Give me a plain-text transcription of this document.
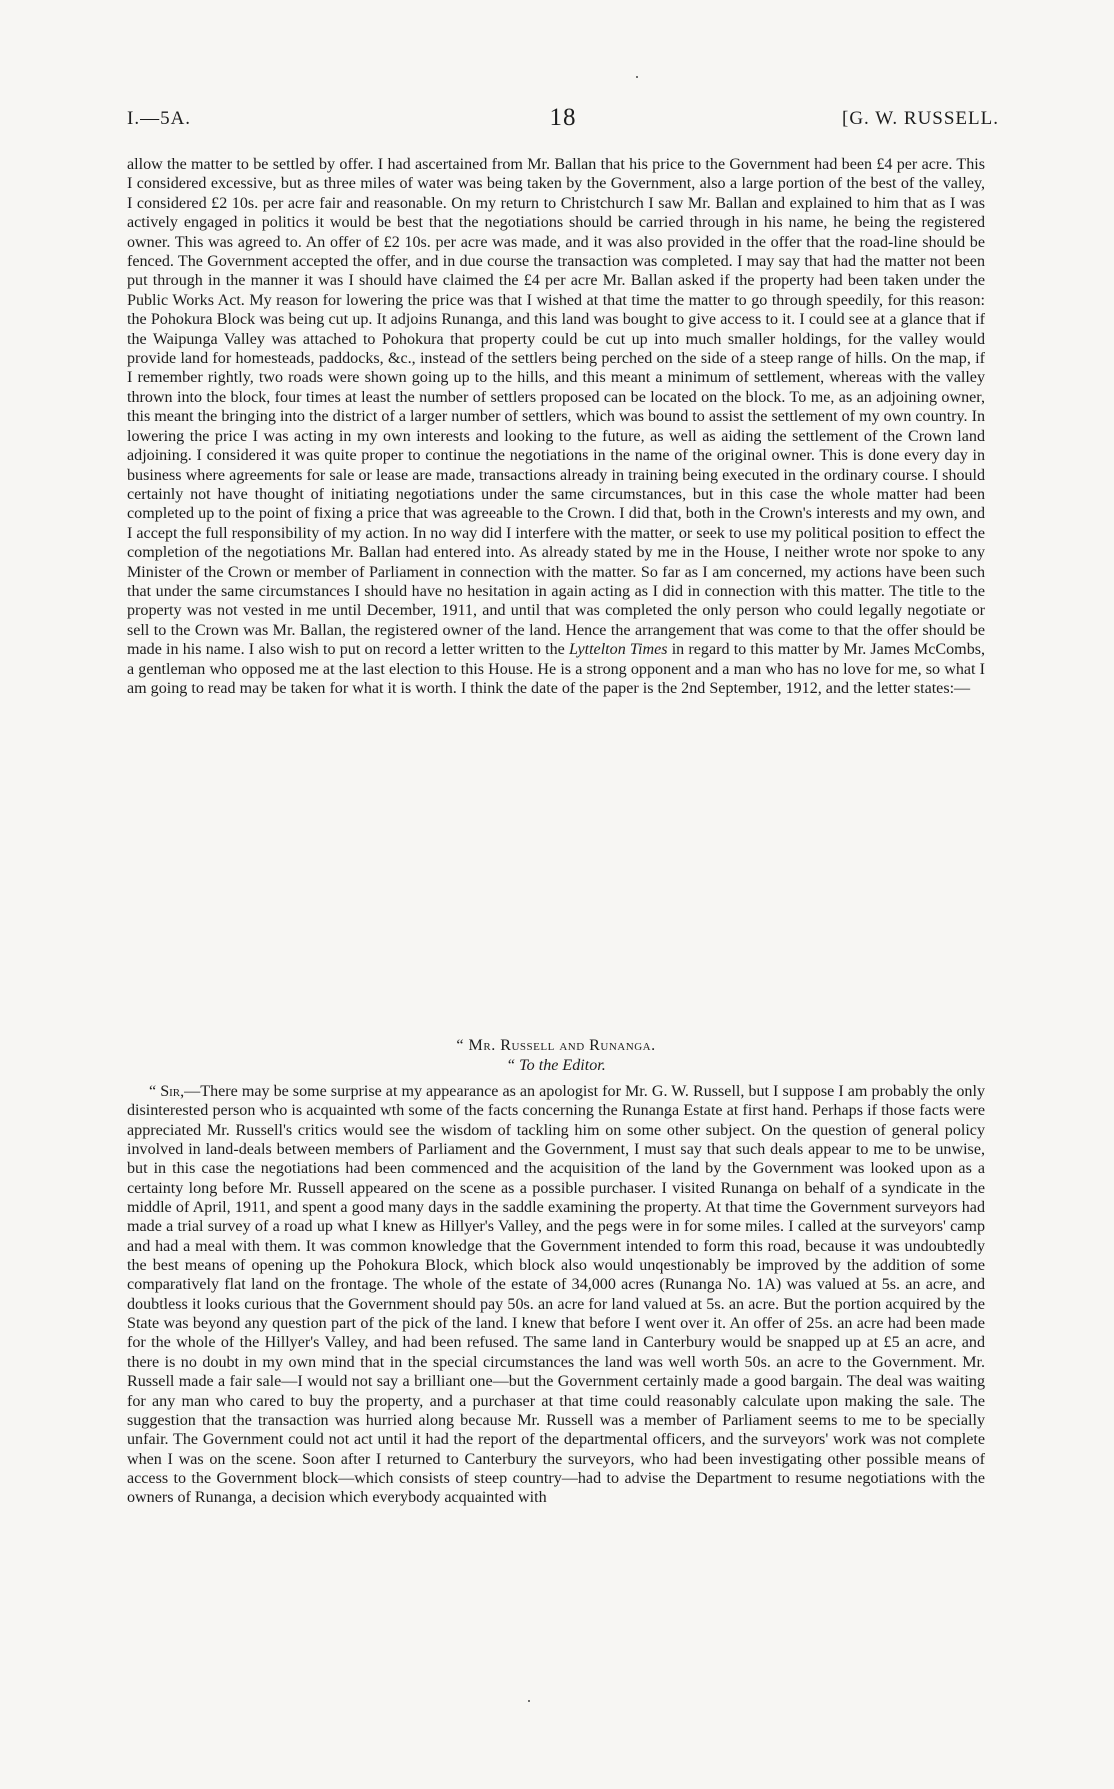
I.—5A.	18	[G. W. RUSSELL.

allow the matter to be settled by offer. I had ascertained from Mr. Ballan that his price to the Government had been £4 per acre. This I considered excessive, but as three miles of water was being taken by the Government, also a large portion of the best of the valley, I considered £2 10s. per acre fair and reasonable. On my return to Christchurch I saw Mr. Ballan and explained to him that as I was actively engaged in politics it would be best that the negotiations should be carried through in his name, he being the registered owner. This was agreed to. An offer of £2 10s. per acre was made, and it was also provided in the offer that the road-line should be fenced. The Government accepted the offer, and in due course the transaction was completed. I may say that had the matter not been put through in the manner it was I should have claimed the £4 per acre Mr. Ballan asked if the property had been taken under the Public Works Act. My reason for lowering the price was that I wished at that time the matter to go through speedily, for this reason: the Pohokura Block was being cut up. It adjoins Runanga, and this land was bought to give access to it. I could see at a glance that if the Waipunga Valley was attached to Pohokura that property could be cut up into much smaller holdings, for the valley would provide land for homesteads, paddocks, &c., instead of the settlers being perched on the side of a steep range of hills. On the map, if I remember rightly, two roads were shown going up to the hills, and this meant a minimum of settlement, whereas with the valley thrown into the block, four times at least the number of settlers proposed can be located on the block. To me, as an adjoining owner, this meant the bringing into the district of a larger number of settlers, which was bound to assist the settlement of my own country. In lowering the price I was acting in my own interests and looking to the future, as well as aiding the settlement of the Crown land adjoining. I considered it was quite proper to continue the negotiations in the name of the original owner. This is done every day in business where agreements for sale or lease are made, transactions already in training being executed in the ordinary course. I should certainly not have thought of initiating negotiations under the same circumstances, but in this case the whole matter had been completed up to the point of fixing a price that was agreeable to the Crown. I did that, both in the Crown's interests and my own, and I accept the full responsibility of my action. In no way did I interfere with the matter, or seek to use my political position to effect the completion of the negotiations Mr. Ballan had entered into. As already stated by me in the House, I neither wrote nor spoke to any Minister of the Crown or member of Parliament in connection with the matter. So far as I am concerned, my actions have been such that under the same circumstances I should have no hesitation in again acting as I did in connection with this matter. The title to the property was not vested in me until December, 1911, and until that was completed the only person who could legally negotiate or sell to the Crown was Mr. Ballan, the registered owner of the land. Hence the arrangement that was come to that the offer should be made in his name. I also wish to put on record a letter written to the Lyttelton Times in regard to this matter by Mr. James McCombs, a gentleman who opposed me at the last election to this House. He is a strong opponent and a man who has no love for me, so what I am going to read may be taken for what it is worth. I think the date of the paper is the 2nd September, 1912, and the letter states:—

“ Mr. Russell and Runanga.
“ To the Editor.

“ Sir,—There may be some surprise at my appearance as an apologist for Mr. G. W. Russell, but I suppose I am probably the only disinterested person who is acquainted wth some of the facts concerning the Runanga Estate at first hand. Perhaps if those facts were appreciated Mr. Russell's critics would see the wisdom of tackling him on some other subject. On the question of general policy involved in land-deals between members of Parliament and the Government, I must say that such deals appear to me to be unwise, but in this case the negotiations had been commenced and the acquisition of the land by the Government was looked upon as a certainty long before Mr. Russell appeared on the scene as a possible purchaser. I visited Runanga on behalf of a syndicate in the middle of April, 1911, and spent a good many days in the saddle examining the property. At that time the Government surveyors had made a trial survey of a road up what I knew as Hillyer's Valley, and the pegs were in for some miles. I called at the surveyors' camp and had a meal with them. It was common knowledge that the Government intended to form this road, because it was undoubtedly the best means of opening up the Pohokura Block, which block also would unqestionably be improved by the addition of some comparatively flat land on the frontage. The whole of the estate of 34,000 acres (Runanga No. 1A) was valued at 5s. an acre, and doubtless it looks curious that the Government should pay 50s. an acre for land valued at 5s. an acre. But the portion acquired by the State was beyond any question part of the pick of the land. I knew that before I went over it. An offer of 25s. an acre had been made for the whole of the Hillyer's Valley, and had been refused. The same land in Canterbury would be snapped up at £5 an acre, and there is no doubt in my own mind that in the special circumstances the land was well worth 50s. an acre to the Government. Mr. Russell made a fair sale—I would not say a brilliant one—but the Government certainly made a good bargain. The deal was waiting for any man who cared to buy the property, and a purchaser at that time could reasonably calculate upon making the sale. The suggestion that the transaction was hurried along because Mr. Russell was a member of Parliament seems to me to be specially unfair. The Government could not act until it had the report of the departmental officers, and the surveyors' work was not complete when I was on the scene. Soon after I returned to Canterbury the surveyors, who had been investigating other possible means of access to the Government block—which consists of steep country—had to advise the Department to resume negotiations with the owners of Runanga, a decision which everybody acquainted with
